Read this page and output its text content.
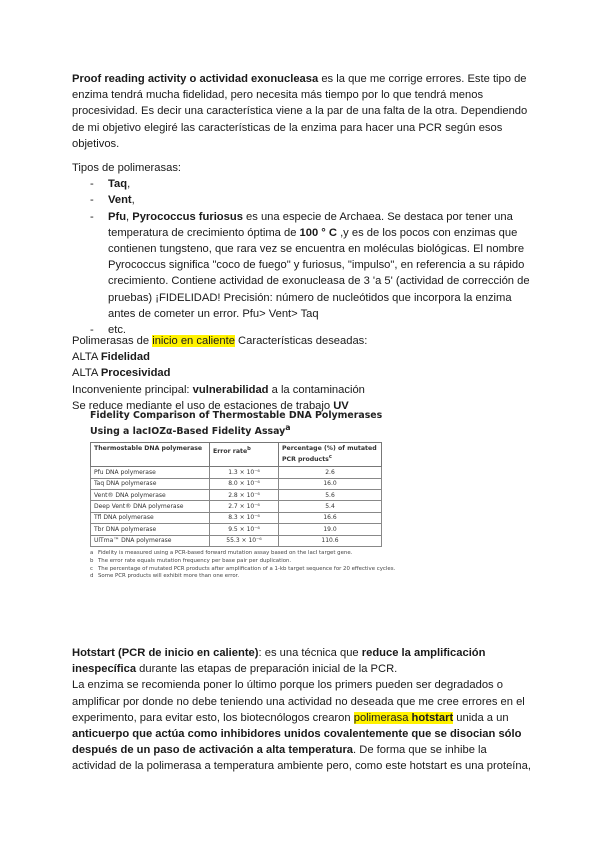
Proof reading activity o actividad exonucleasa es la que me corrige errores. Este tipo de enzima tendrá mucha fidelidad, pero necesita más tiempo por lo que tendrá menos procesividad. Es decir una característica viene a la par de una falta de la otra. Dependiendo de mi objetivo elegiré las características de la enzima para hacer una PCR según esos objetivos.
Tipos de polimerasas:
- Taq,
- Vent,
- Pfu, Pyrococcus furiosus es una especie de Archaea. Se destaca por tener una temperatura de crecimiento óptima de 100 ° C ,y es de los pocos con enzimas que contienen tungsteno, que rara vez se encuentra en moléculas biológicas. El nombre Pyrococcus significa "coco de fuego" y furiosus, "impulso", en referencia a su rápido crecimiento. Contiene actividad de exonucleasa de 3 'a 5' (actividad de corrección de pruebas) ¡FIDELIDAD! Precisión: número de nucleótidos que incorpora la enzima antes de cometer un error. Pfu> Vent> Taq
- etc.
Polimerasas de inicio en caliente Características deseadas:
ALTA Fidelidad
ALTA Procesividad
Inconveniente principal: vulnerabilidad a la contaminación
Se reduce mediante el uso de estaciones de trabajo UV
Fidelity Comparison of Thermostable DNA Polymerases Using a lacIOZα-Based Fidelity Assay$^a$
Thermostable DNA polymerase	Error rate$^b$	Percentage (%) of mutated PCR products$^c$
Pfu DNA polymerase	1.3 × 10⁻⁶	2.6
Taq DNA polymerase	8.0 × 10⁻⁶	16.0
Vent® DNA polymerase	2.8 × 10⁻⁶	5.6
Deep Vent® DNA polymerase	2.7 × 10⁻⁶	5.4
Tfl DNA polymerase	8.3 × 10⁻⁶	16.6
Tbr DNA polymerase	9.5 × 10⁻⁶	19.0
UlTma™ DNA polymerase	55.3 × 10⁻⁶	110.6
a Fidelity is measured using a PCR-based forward mutation assay based on the lacI target gene.
b The error rate equals mutation frequency per base pair per duplication.
c The percentage of mutated PCR products after amplification of a 1-kb target sequence for 20 effective cycles.
d Some PCR products will exhibit more than one error.
Hotstart (PCR de inicio en caliente): es una técnica que reduce la amplificación inespecífica durante las etapas de preparación inicial de la PCR.
La enzima se recomienda poner lo último porque los primers pueden ser degradados o amplificar por donde no debe teniendo una actividad no deseada que me cree errores en el experimento, para evitar esto, los biotecnólogos crearon polimerasa hotstart unida a un anticuerpo que actúa como inhibidores unidos covalentemente que se disocian sólo después de un paso de activación a alta temperatura. De forma que se inhibe la actividad de la polimerasa a temperatura ambiente pero, como este hotstart es una proteína,
